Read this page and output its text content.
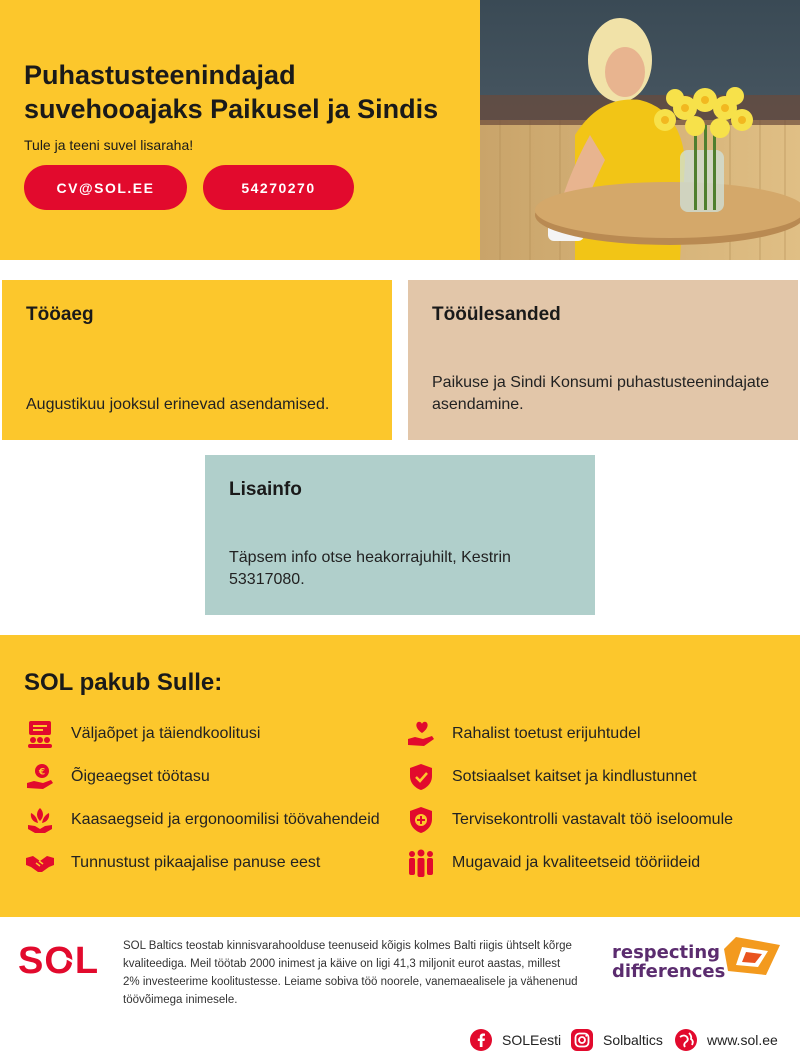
Puhastusteenindajad suvehooajaks Paikusel ja Sindis
Tule ja teeni suvel lisaraha!
CV@SOL.EE	54270270
Tööaeg

Augustikuu jooksul erinevad asendamised.

Tööülesanded

Paikuse ja Sindi Konsumi puhastusteenindajate asendamine.

Lisainfo

Täpsem info otse heakorrajuhilt, Kestrin 53317080.

SOL pakub Sulle:
Väljaõpet ja täiendkoolitusi
€ Õigeaegset töötasu
Kaasaegseid ja ergonoomilisi töövahendeid
Tunnustust pikaajalise panuse eest
Rahalist toetust erijuhtudel
Sotsiaalset kaitset ja kindlustunnet
Tervisekontrolli vastavalt töö iseloomule
Mugavaid ja kvaliteetseid tööriideid
SOL SOL Baltics teostab kinnisvarahoolduse teenuseid kõigis kolmes Balti riigis ühtselt kõrge kvaliteediga. Meil töötab 2000 inimest ja käive on ligi 41,3 miljonit eurot aastas, millest 2% investeerime koolitustesse. Leiame sobiva töö noorele, vanemaealisele ja vähenenud töövõimega inimesele.

respecting
differences
SOLEesti	Solbaltics	www.sol.ee
